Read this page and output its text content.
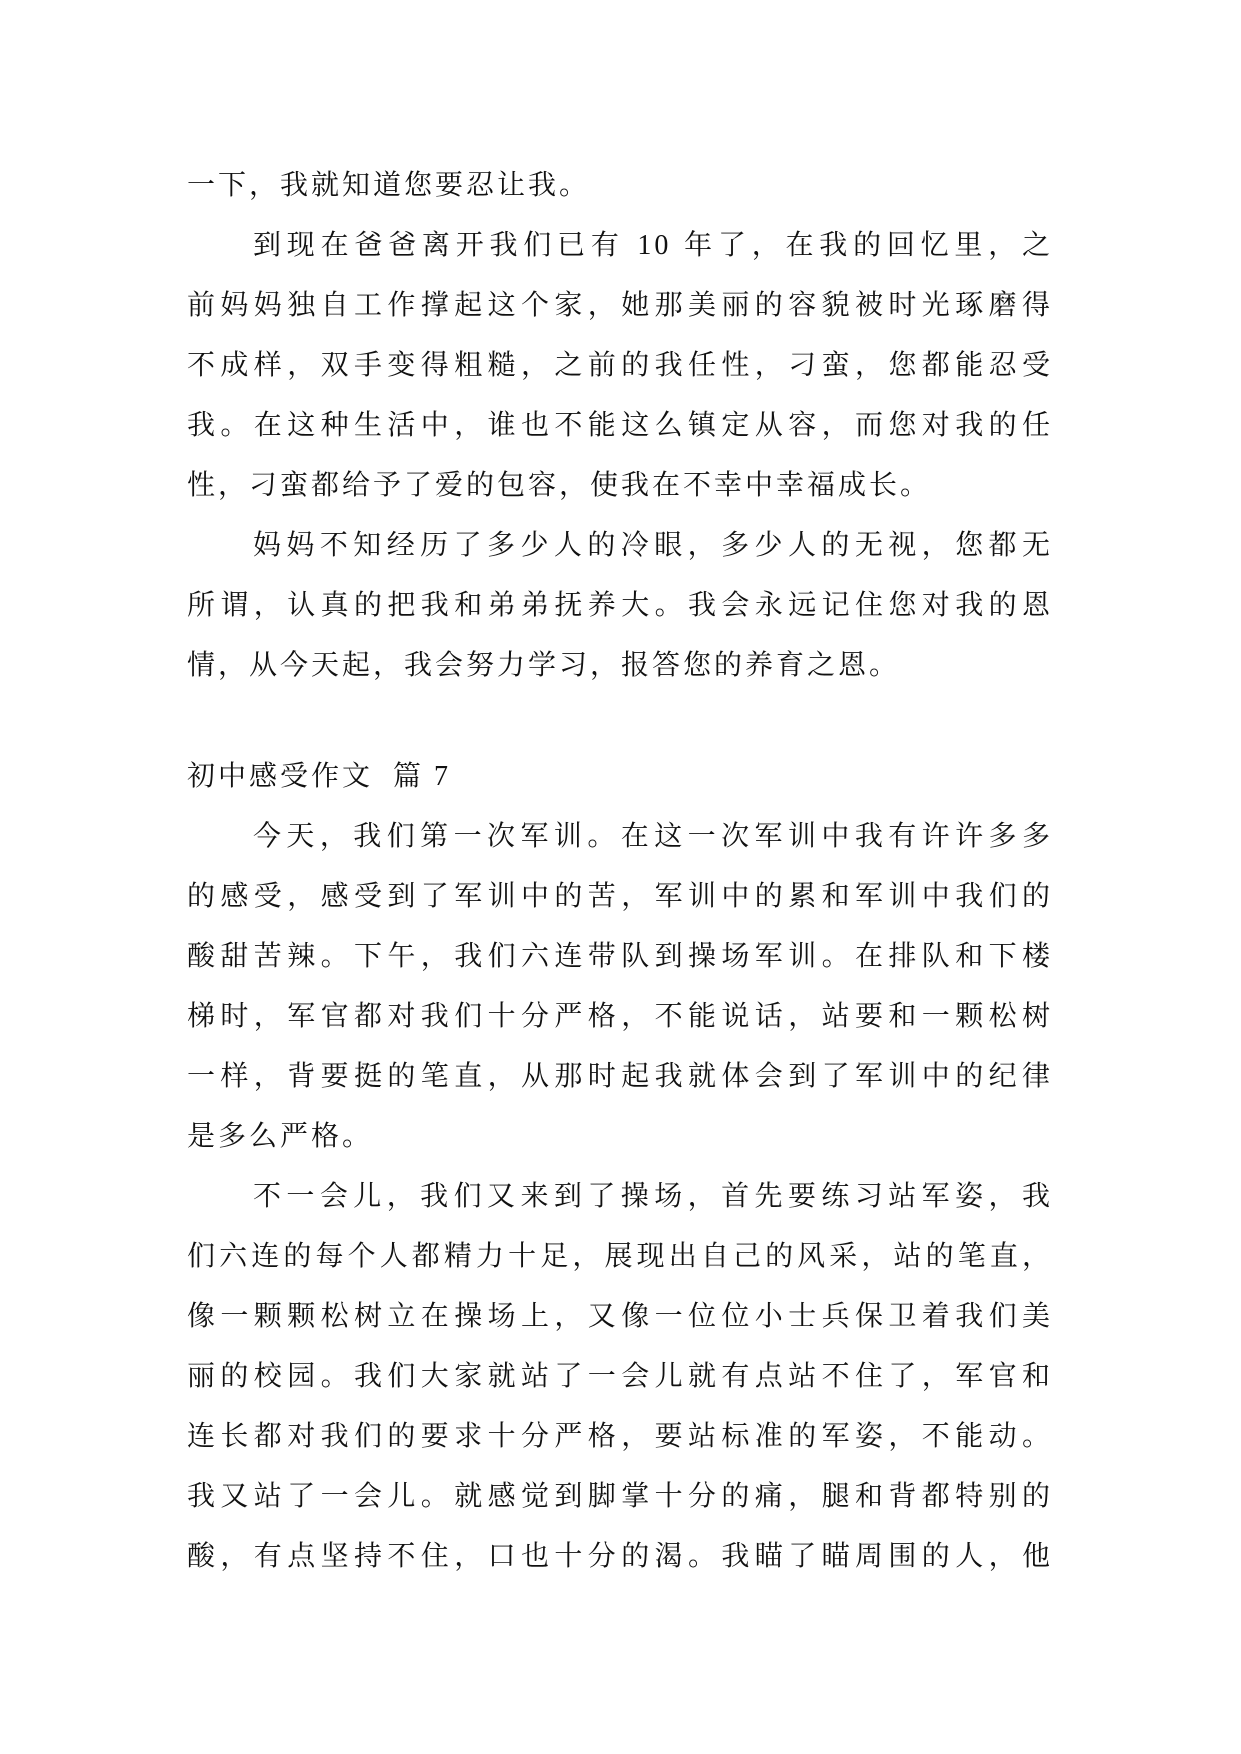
一下，我就知道您要忍让我。
到现在爸爸离开我们已有 10 年了，在我的回忆里，之
前妈妈独自工作撑起这个家，她那美丽的容貌被时光琢磨得
不成样，双手变得粗糙，之前的我任性，刁蛮，您都能忍受
我。在这种生活中，谁也不能这么镇定从容，而您对我的任
性，刁蛮都给予了爱的包容，使我在不幸中幸福成长。
妈妈不知经历了多少人的冷眼，多少人的无视，您都无
所谓，认真的把我和弟弟抚养大。我会永远记住您对我的恩
情，从今天起，我会努力学习，报答您的养育之恩。
初中感受作文  篇 7
今天，我们第一次军训。在这一次军训中我有许许多多
的感受，感受到了军训中的苦，军训中的累和军训中我们的
酸甜苦辣。下午，我们六连带队到操场军训。在排队和下楼
梯时，军官都对我们十分严格，不能说话，站要和一颗松树
一样，背要挺的笔直，从那时起我就体会到了军训中的纪律
是多么严格。
不一会儿，我们又来到了操场，首先要练习站军姿，我
们六连的每个人都精力十足，展现出自己的风采，站的笔直，
像一颗颗松树立在操场上，又像一位位小士兵保卫着我们美
丽的校园。我们大家就站了一会儿就有点站不住了，军官和
连长都对我们的要求十分严格，要站标准的军姿，不能动。
我又站了一会儿。就感觉到脚掌十分的痛，腿和背都特别的
酸，有点坚持不住，口也十分的渴。我瞄了瞄周围的人，他
